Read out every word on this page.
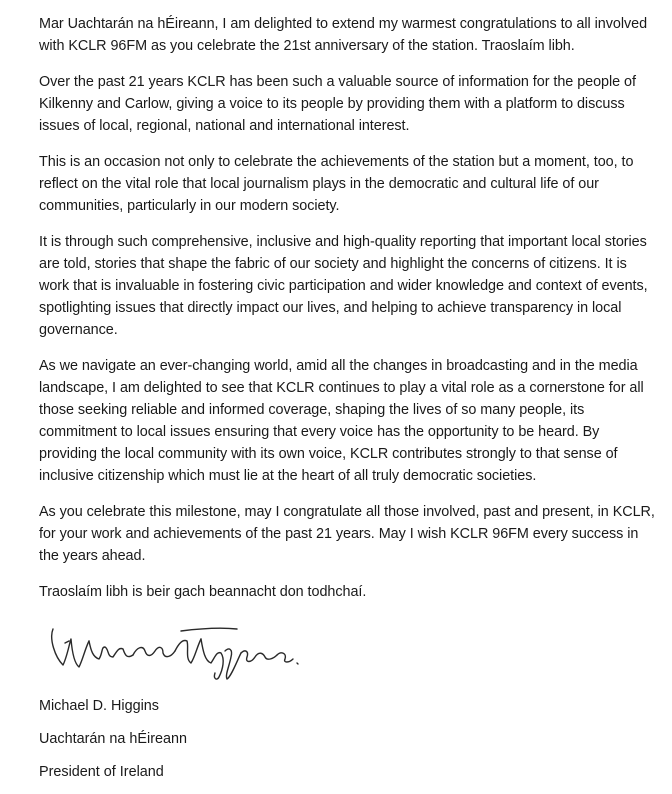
Mar Uachtarán na hÉireann, I am delighted to extend my warmest congratulations to all involved with KCLR 96FM as you celebrate the 21st anniversary of the station. Traoslaím libh.

Over the past 21 years KCLR has been such a valuable source of information for the people of Kilkenny and Carlow, giving a voice to its people by providing them with a platform to discuss issues of local, regional, national and international interest.

This is an occasion not only to celebrate the achievements of the station but a moment, too, to reflect on the vital role that local journalism plays in the democratic and cultural life of our communities, particularly in our modern society.

It is through such comprehensive, inclusive and high-quality reporting that important local stories are told, stories that shape the fabric of our society and highlight the concerns of citizens. It is work that is invaluable in fostering civic participation and wider knowledge and context of events, spotlighting issues that directly impact our lives, and helping to achieve transparency in local governance.

As we navigate an ever-changing world, amid all the changes in broadcasting and in the media landscape, I am delighted to see that KCLR continues to play a vital role as a cornerstone for all those seeking reliable and informed coverage, shaping the lives of so many people, its commitment to local issues ensuring that every voice has the opportunity to be heard. By providing the local community with its own voice, KCLR contributes strongly to that sense of inclusive citizenship which must lie at the heart of all truly democratic societies.

As you celebrate this milestone, may I congratulate all those involved, past and present, in KCLR, for your work and achievements of the past 21 years. May I wish KCLR 96FM every success in the years ahead.

Traoslaím libh is beir gach beannacht don todhchaí.

Michael D. Higgins

Uachtarán na hÉireann

President of Ireland
